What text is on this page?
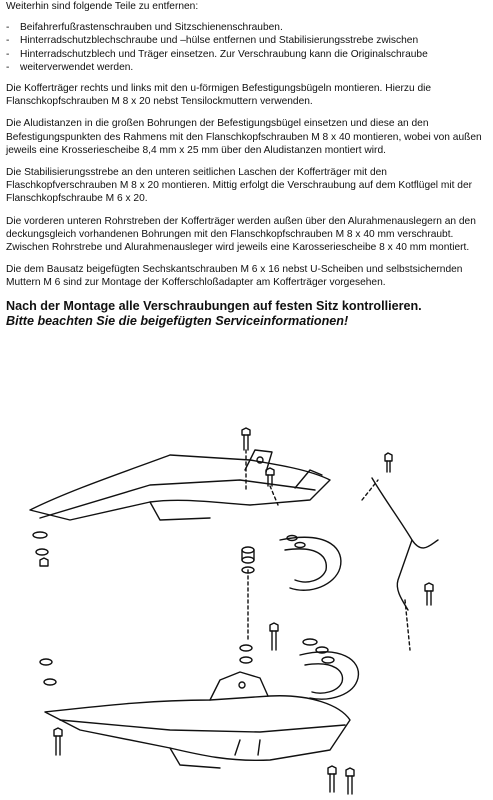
Weiterhin sind folgende Teile zu entfernen:
- Beifahrerfußrastenschrauben und Sitzschienenschrauben.
- Hinterradschutzblechschraube und –hülse entfernen und Stabilisierungsstrebe zwischen
- Hinterradschutzblech und Träger einsetzen. Zur Verschraubung kann die Originalschraube
- weiterverwendet werden.

Die Kofferträger rechts und links mit den u-förmigen Befestigungsbügeln montieren. Hierzu die Flanschkopfschrauben M 8 x 20 nebst Tensilockmuttern verwenden.

Die Aludistanzen in die großen Bohrungen der Befestigungsbügel einsetzen und diese an den Befestigungspunkten des Rahmens mit den Flanschkopfschrauben M 8 x 40 montieren, wobei von außen jeweils eine Krosseriescheibe 8,4 mm x 25 mm über den Aludistanzen montiert wird.

Die Stabilisierungsstrebe an den unteren seitlichen Laschen der Kofferträger mit den Flaschkopfverschrauben M 8 x 20 montieren. Mittig erfolgt die Verschraubung auf dem Kotflügel mit der Flanschkopfschraube M 6 x 20.

Die vorderen unteren Rohrstreben der Kofferträger werden außen über den Alurahmenauslegern an den deckungsgleich vorhandenen Bohrungen mit den Flanschkopfschrauben M 8 x 40 mm verschraubt.
Zwischen Rohrstrebe und Alurahmenausleger wird jeweils eine Karosseriescheibe 8 x 40 mm montiert.

Die dem Bausatz beigefügten Sechskantschrauben M 6 x 16 nebst U-Scheiben und selbstsichernden Muttern M 6 sind zur Montage der Kofferschloßadapter am Kofferträger vorgesehen.

Nach der Montage alle Verschraubungen auf festen Sitz kontrollieren.
Bitte beachten Sie die beigefügten Serviceinformationen!
